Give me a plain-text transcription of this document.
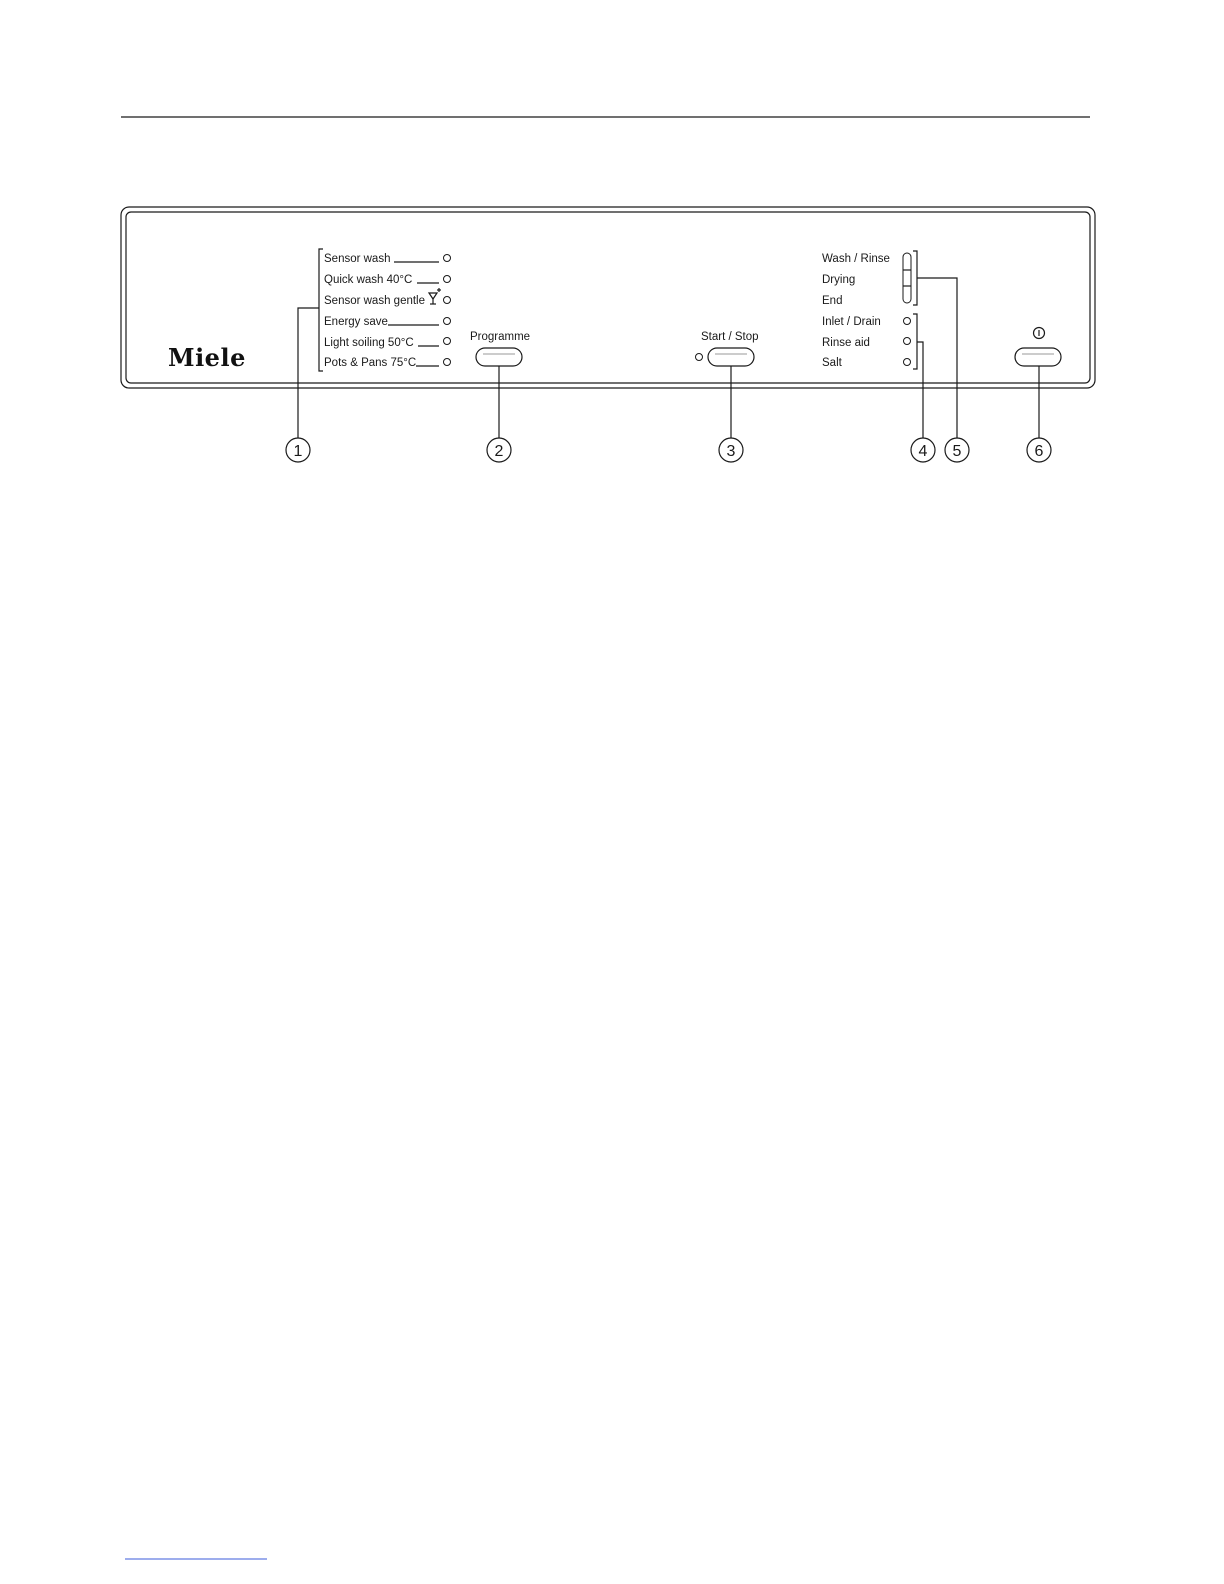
Miele
Sensor wash
Quick wash 40°C
Sensor wash gentle
Energy save
Light soiling 50°C
Pots & Pans 75°C
Programme	Start / Stop
Wash / Rinse
Drying
End
Inlet / Drain
Rinse aid
Salt
1	2	3	4 5	6
